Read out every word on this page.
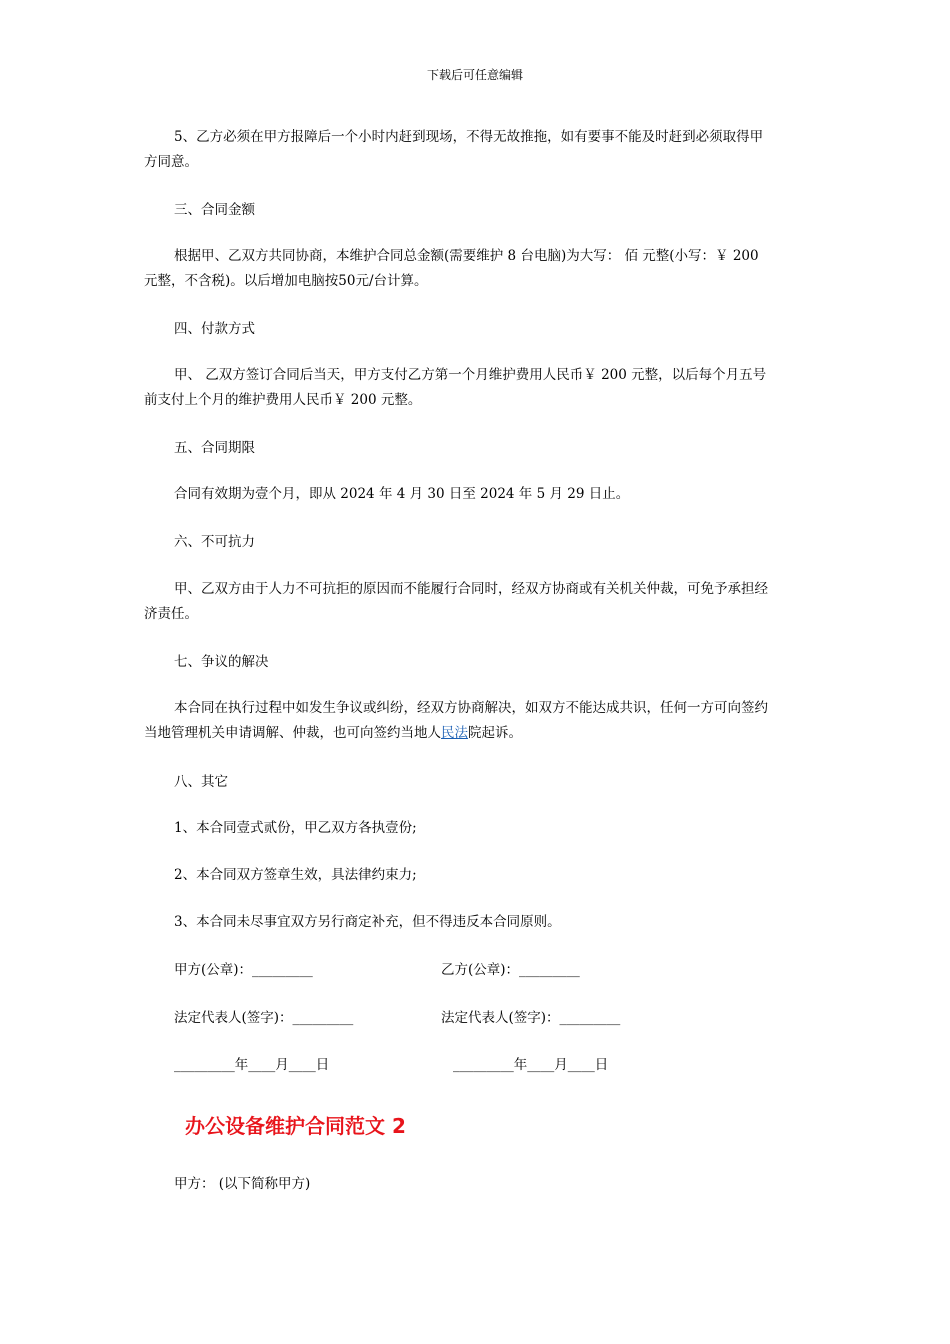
下载后可任意编辑

5、乙方必须在甲方报障后一个小时内赶到现场，不得无故推拖，如有要事不能及时赶到必须取得甲
方同意。

三、合同金额

根据甲、乙双方共同协商，本维护合同总金额(需要维护 8 台电脑)为大写： 佰 元整(小写：￥ 200
元整，不含税)。以后增加电脑按50元/台计算。

四、付款方式

甲、 乙双方签订合同后当天，甲方支付乙方第一个月维护费用人民币￥ 200 元整，以后每个月五号
前支付上个月的维护费用人民币￥ 200 元整。

五、合同期限

合同有效期为壹个月，即从 2024 年 4 月 30 日至 2024 年 5 月 29 日止。

六、不可抗力

甲、乙双方由于人力不可抗拒的原因而不能履行合同时，经双方协商或有关机关仲裁，可免予承担经
济责任。

七、争议的解决

本合同在执行过程中如发生争议或纠纷，经双方协商解决，如双方不能达成共识，任何一方可向签约
当地管理机关申请调解、仲裁，也可向签约当地人民法院起诉。

八、其它

1、本合同壹式贰份，甲乙双方各执壹份;

2、本合同双方签章生效，具法律约束力;

3、本合同未尽事宜双方另行商定补充，但不得违反本合同原则。

甲方(公章)：_________	乙方(公章)：_________
法定代表人(签字)：_________	法定代表人(签字)：_________
_________年____月____日	_________年____月____日
办公设备维护合同范文 2

甲方： (以下简称甲方)
